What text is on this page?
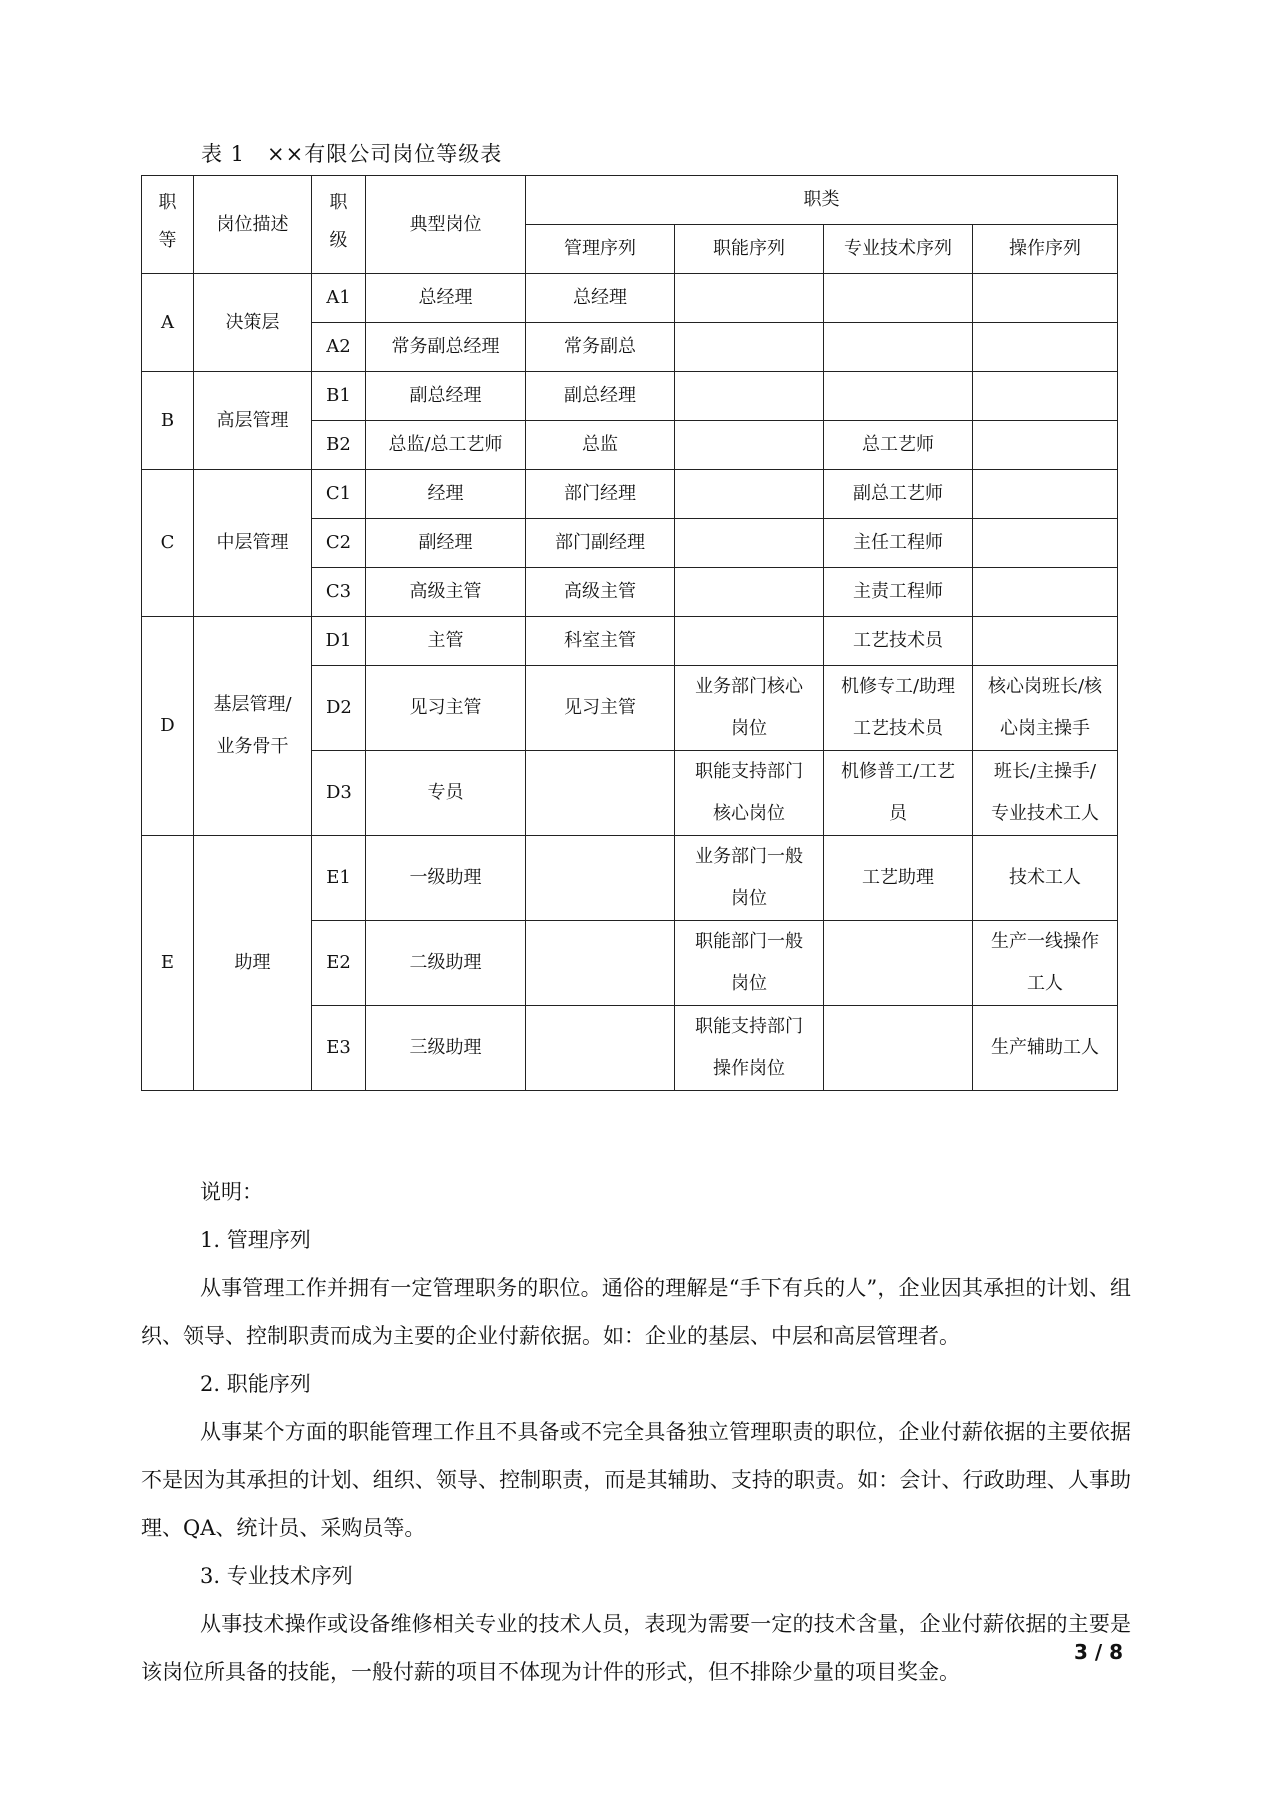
表 1　××有限公司岗位等级表
职等	岗位描述	职级	典型岗位	职类			
				管理序列	职能序列	专业技术序列	操作序列
A	决策层	A1	总经理	总经理			
		A2	常务副总经理	常务副总			
B	高层管理	B1	副总经理	副总经理			
		B2	总监/总工艺师	总监		总工艺师	
C	中层管理	C1	经理	部门经理		副总工艺师	
		C2	副经理	部门副经理		主任工程师	
		C3	高级主管	高级主管		主责工程师	
D	基层管理/业务骨干	D1	主管	科室主管		工艺技术员	
		D2	见习主管	见习主管	业务部门核心岗位	机修专工/助理工艺技术员	核心岗班长/核心岗主操手
		D3	专员		职能支持部门核心岗位	机修普工/工艺员	班长/主操手/专业技术工人
E	助理	E1	一级助理		业务部门一般岗位	工艺助理	技术工人
		E2	二级助理		职能部门一般岗位		生产一线操作工人
		E3	三级助理		职能支持部门操作岗位		生产辅助工人

说明：

1. 管理序列

从事管理工作并拥有一定管理职务的职位。通俗的理解是“手下有兵的人”，企业因其承担的计划、组织、领导、控制职责而成为主要的企业付薪依据。如：企业的基层、中层和高层管理者。

2. 职能序列

从事某个方面的职能管理工作且不具备或不完全具备独立管理职责的职位，企业付薪依据的主要依据不是因为其承担的计划、组织、领导、控制职责，而是其辅助、支持的职责。如：会计、行政助理、人事助理、QA、统计员、采购员等。

3. 专业技术序列

从事技术操作或设备维修相关专业的技术人员，表现为需要一定的技术含量，企业付薪依据的主要是该岗位所具备的技能，一般付薪的项目不体现为计件的形式，但不排除少量的项目奖金。

3 / 8
